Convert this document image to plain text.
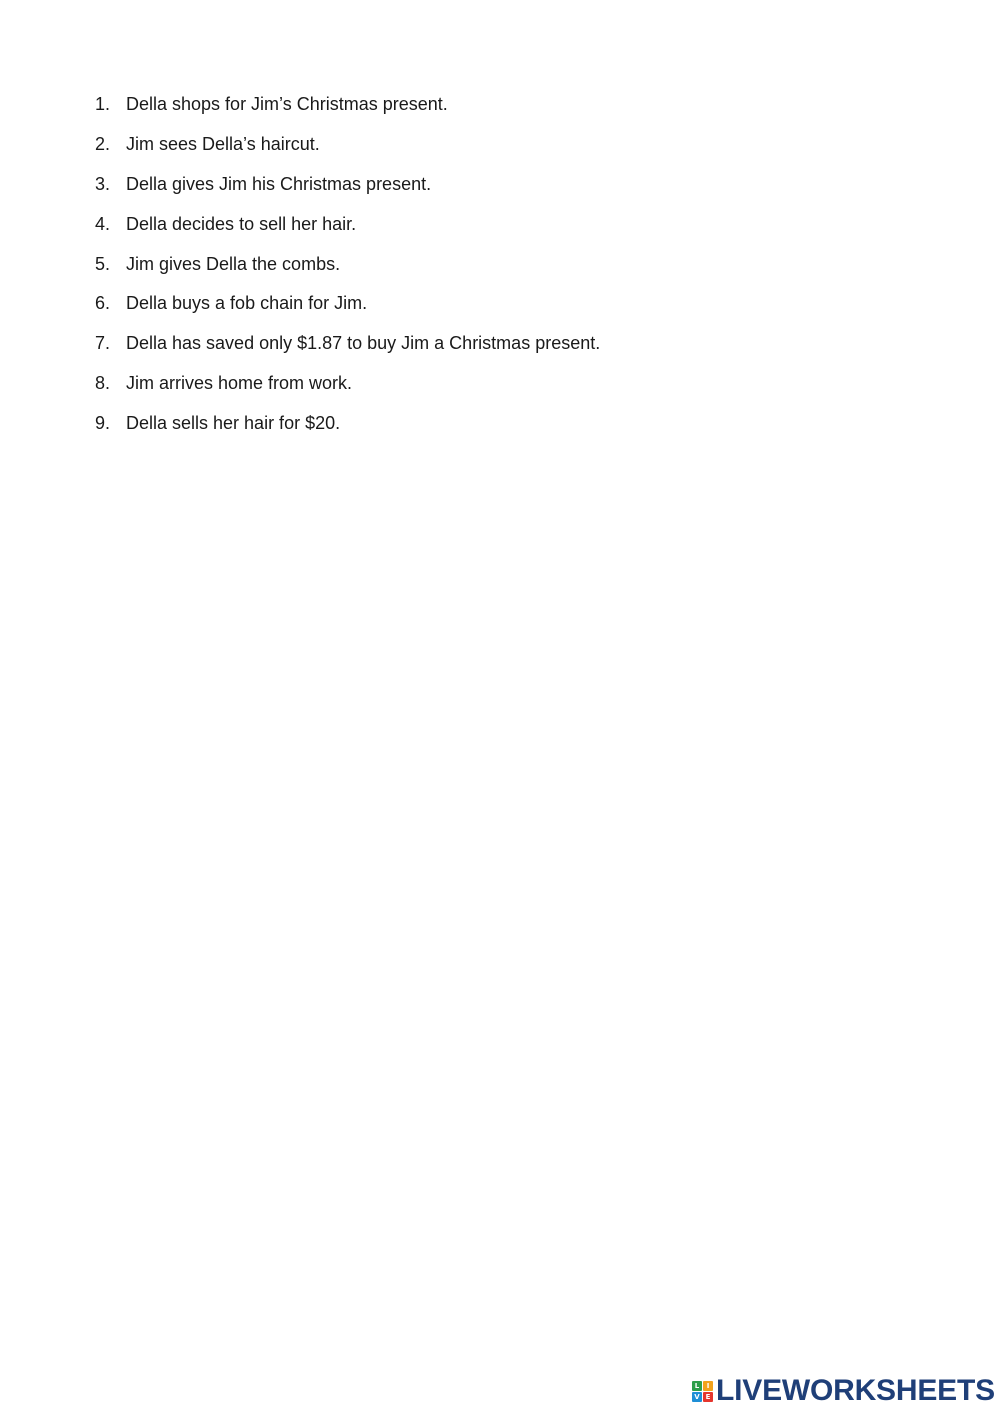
1. Della shops for Jim’s Christmas present.
2. Jim sees Della’s haircut.
3. Della gives Jim his Christmas present.
4. Della decides to sell her hair.
5. Jim gives Della the combs.
6. Della buys a fob chain for Jim.
7. Della has saved only $1.87 to buy Jim a Christmas present.
8. Jim arrives home from work.
9. Della sells her hair for $20.
L	I
V E LIVEWORKSHEETS
